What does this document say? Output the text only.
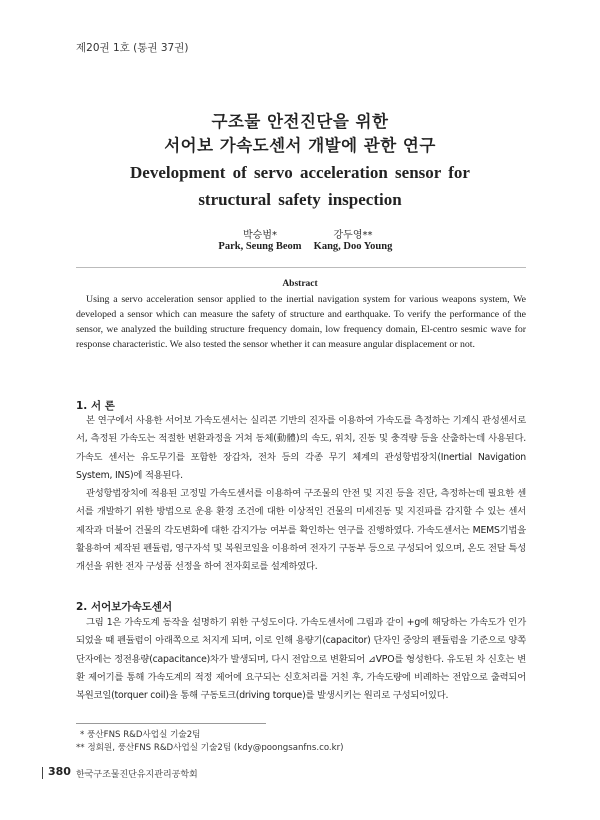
제20권 1호 (통권 37권)
구조물 안전진단을 위한
서어보 가속도센서 개발에 관한 연구
Development of servo acceleration sensor for
structural safety inspection
박승범*
Park, Seung Beom
강두영**
Kang, Doo Young
Abstract
Using a servo acceleration sensor applied to the inertial navigation system for various weapons system, We developed a sensor which can measure the safety of structure and earthquake. To verify the performance of the sensor, we analyzed the building structure frequency domain, low frequency domain, El-centro sesmic wave for response characteristic. We also tested the sensor whether it can measure angular displacement or not.
1. 서 론

본 연구에서 사용한 서어보 가속도센서는 실리콘 기반의 진자를 이용하여 가속도를 측정하는 기계식 관성센서로서, 측정된 가속도는 적절한 변환과정을 거쳐 동체(動體)의 속도, 위치, 진동 및 충격량 등을 산출하는데 사용된다. 가속도 센서는 유도무기를 포함한 장갑차, 전차 등의 각종 무기 체계의 관성항법장치(Inertial Navigation System, INS)에 적용된다.

관성항법장치에 적용된 고정밀 가속도센서를 이용하여 구조물의 안전 및 지진 등을 진단, 측정하는데 필요한 센서를 개발하기 위한 방법으로 운용 환경 조건에 대한 이상적인 건물의 미세진동 및 지진파를 감지할 수 있는 센서 제작과 더불어 건물의 각도변화에 대한 감지가능 여부를 확인하는 연구를 진행하였다. 가속도센서는 MEMS기법을 활용하여 제작된 펜듈럼, 영구자석 및 복원코일을 이용하여 전자기 구동부 등으로 구성되어 있으며, 온도 전달 특성 개선을 위한 전자 구성품 선정을 하여 전자회로를 설계하였다.

2. 서어보가속도센서

그림 1은 가속도계 동작을 설명하기 위한 구성도이다. 가속도센서에 그림과 같이 +g에 해당하는 가속도가 인가되었을 때 펜듈럼이 아래쪽으로 처지게 되며, 이로 인해 용량기(capacitor) 단자인 중앙의 펜듈럼을 기준으로 양쪽 단자에는 정전용량(capacitance)차가 발생되며, 다시 전압으로 변환되어 ⊿VPO를 형성한다. 유도된 차 신호는 변환 제어기를 통해 가속도계의 적정 제어에 요구되는 신호처리를 거친 후, 가속도량에 비례하는 전압으로 출력되어 복원코일(torquer coil)을 통해 구동토크(driving torque)를 발생시키는 원리로 구성되어있다.

* 풍산FNS R&D사업실 기술2팀
** 정회원, 풍산FNS R&D사업실 기술2팀 (kdy@poongsanfns.co.kr)
380 한국구조물진단유지관리공학회
